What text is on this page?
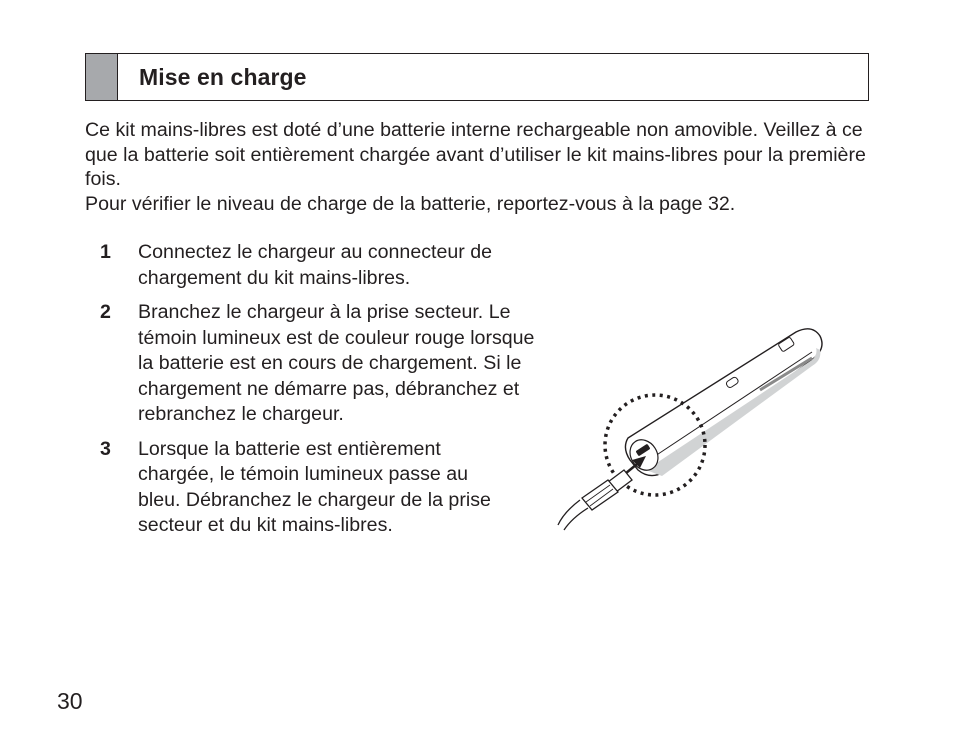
Mise en charge

Ce kit mains-libres est doté d’une batterie interne rechargeable non amovible. Veillez à ce que la batterie soit entièrement chargée avant d’utiliser le kit mains-libres pour la première fois.

Pour vérifier le niveau de charge de la batterie, reportez-vous à la page 32.

1	Connectez le chargeur au connecteur de chargement du kit mains-libres.
2	Branchez le chargeur à la prise secteur. Le témoin lumineux est de couleur rouge lorsque la batterie est en cours de chargement. Si le chargement ne démarre pas, débranchez et rebranchez le chargeur.
3	Lorsque la batterie est entièrement chargée, le témoin lumineux passe au bleu. Débranchez le chargeur de la prise secteur et du kit mains-libres.
30
